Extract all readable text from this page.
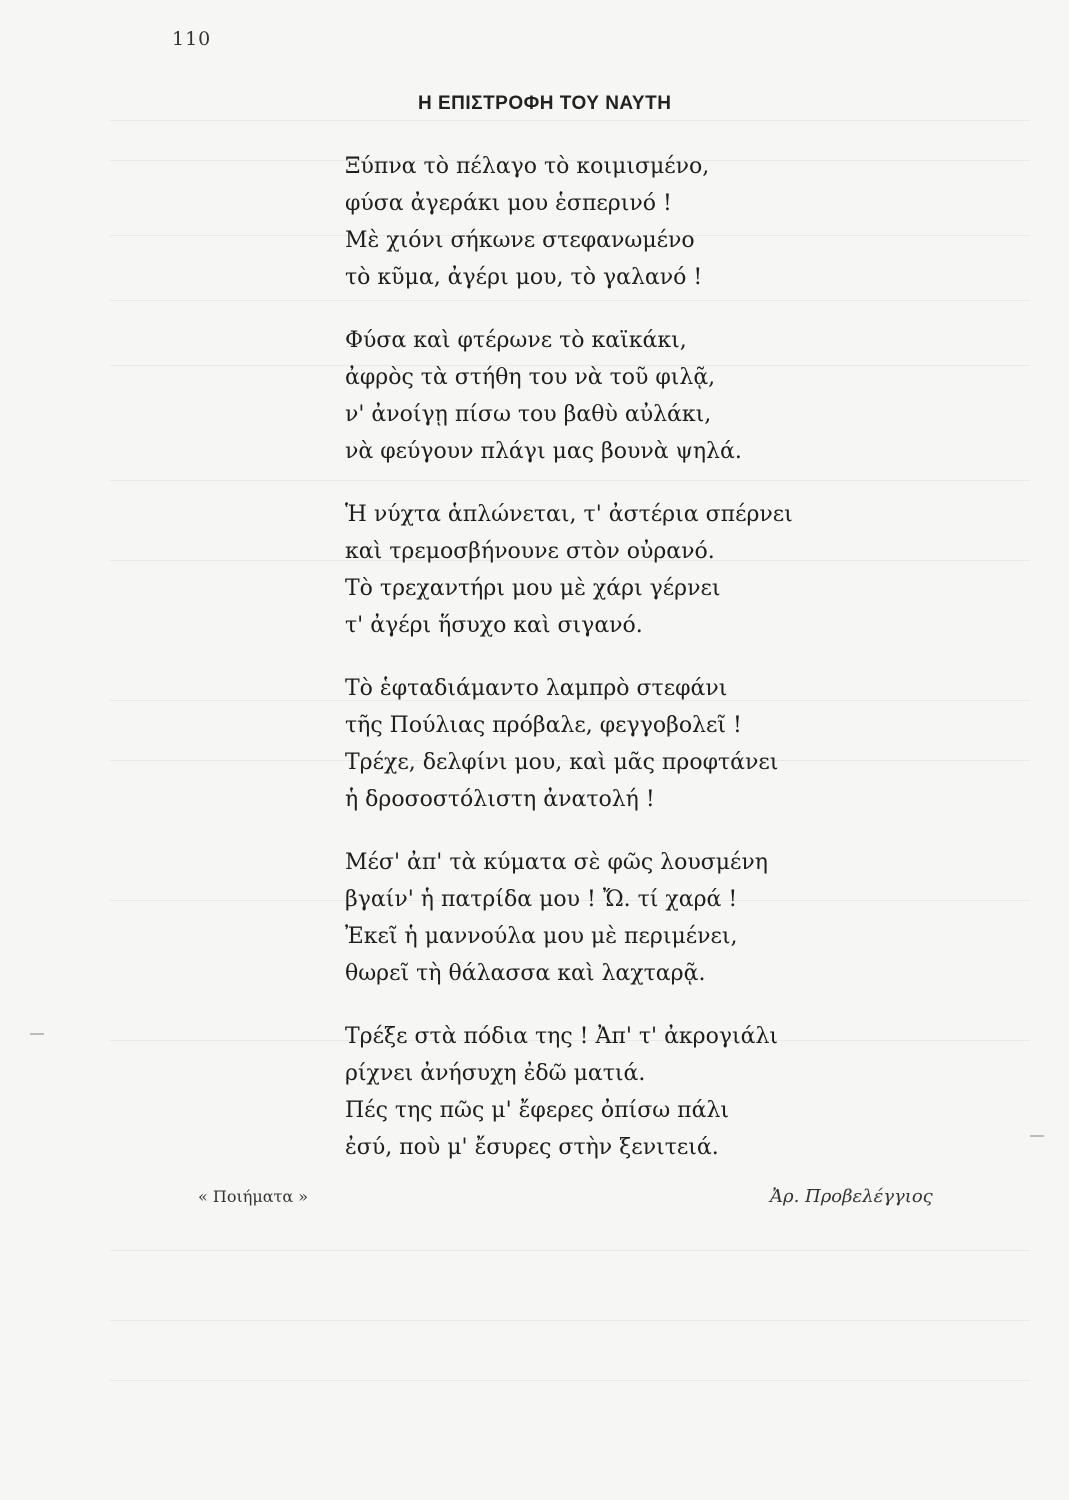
110
Η ΕΠΙΣΤΡΟΦΗ ΤΟΥ ΝΑΥΤΗ
Ξύπνα τὸ πέλαγο τὸ κοιμισμένο,
φύσα ἀγεράκι μου ἑσπερινό !
Μὲ χιόνι σήκωνε στεφανωμένο
τὸ κῦμα, ἀγέρι μου, τὸ γαλανό !
Φύσα καὶ φτέρωνε τὸ καϊκάκι,
ἀφρὸς τὰ στήθη του νὰ τοῦ φιλᾷ,
ν' ἀνοίγῃ πίσω του βαθὺ αὐλάκι,
νὰ φεύγουν πλάγι μας βουνὰ ψηλά.
Ἡ νύχτα ἁπλώνεται, τ' ἀστέρια σπέρνει
καὶ τρεμοσβήνουνε στὸν οὐρανό.
Τὸ τρεχαντήρι μου μὲ χάρι γέρνει
τ' ἀγέρι ἥσυχο καὶ σιγανό.
Τὸ ἑφταδιάμαντο λαμπρὸ στεφάνι
τῆς Πούλιας πρόβαλε, φεγγοβολεῖ !
Τρέχε, δελφίνι μου, καὶ μᾶς προφτάνει
ἡ δροσοστόλιστη ἀνατολή !
Μέσ' ἀπ' τὰ κύματα σὲ φῶς λουσμένη
βγαίν' ἡ πατρίδα μου ! Ὤ. τί χαρά !
Ἐκεῖ ἡ μαννούλα μου μὲ περιμένει,
θωρεῖ τὴ θάλασσα καὶ λαχταρᾷ.
Τρέξε στὰ πόδια της ! Ἀπ' τ' ἀκρογιάλι
ρίχνει ἀνήσυχη ἐδῶ ματιά.
Πές της πῶς μ' ἔφερες ὀπίσω πάλι
ἐσύ, ποὺ μ' ἔσυρες στὴν ξενιτειά.
« Ποιήματα »	Ἀρ. Προβελέγγιος
